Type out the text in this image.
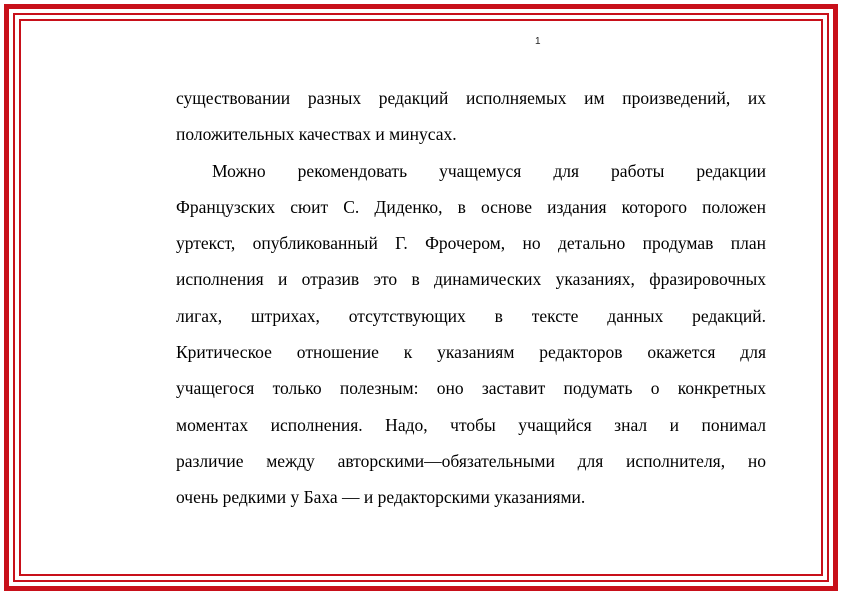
1
существовании разных редакций исполняемых им произведений, их
положительных качествах и минусах.
Можно рекомендовать учащемуся для работы редакции
Французских сюит С. Диденко, в основе издания которого положен
уртекст, опубликованный Г. Фрочером, но детально продумав план
исполнения и отразив это в динамических указаниях, фразировочных
лигах, штрихах, отсутствующих в тексте данных редакций.
Критическое отношение к указаниям редакторов окажется для
учащегося только полезным: оно заставит подумать о конкретных
моментах исполнения. Надо, чтобы учащийся знал и понимал
различие между авторскими—обязательными для исполнителя, но
очень редкими у Баха — и редакторскими указаниями.
